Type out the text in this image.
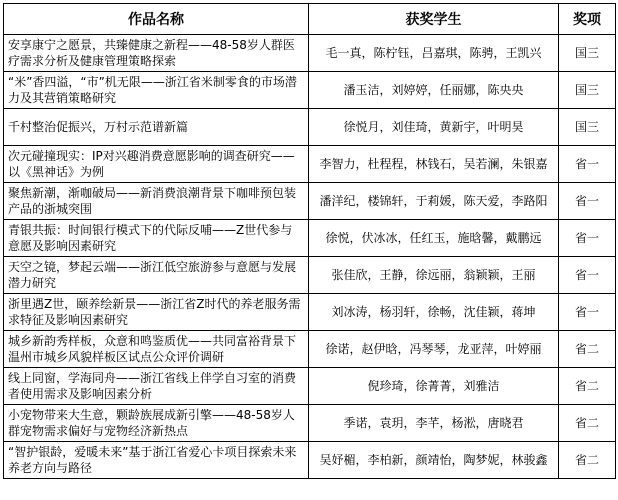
作品名称	获奖学生	奖项
安享康宁之愿景，共臻健康之新程——48-58岁人群医疗需求分析及健康管理策略探索	毛一真，陈柠钰，吕嘉琪，陈骋，王凯兴	国三
“米”香四溢，“市”机无限——浙江省米制零食的市场潜力及其营销策略研究	潘玉洁，刘婷婷，任丽娜，陈央央	国三
千村整治促振兴，万村示范谱新篇	徐悦月，刘佳琦，黄新宇，叶明昊	国三
次元碰撞现实：IP对兴趣消费意愿影响的调查研究——以《黑神话》为例	李智力，杜程程，林钱石，吴若澜，朱银嘉	省一
聚焦新潮，渐咖破局——新消费浪潮背景下咖啡预包装产品的浙城突围	潘洋纪，楼锦轩，于莉媛，陈天爱，李路阳	省一
青银共振：时间银行模式下的代际反哺——Z世代参与意愿及影响因素研究	徐悦，伏冰冰，任红玉，施晗馨，戴鹏远	省一
天空之镜，梦起云端——浙江低空旅游参与意愿与发展潜力研究	张佳欣，王静，徐远丽，翁颖颖，王丽	省一
浙里遇Z世，颐养绘新景——浙江省Z时代的养老服务需求特征及影响因素研究	刘冰涛，杨羽轩，徐畅，沈佳颖，蒋坤	省一
城乡新韵秀样板，众意和鸣鉴质优——共同富裕背景下温州市城乡风貌样板区试点公众评价调研	徐诺，赵伊晗，冯琴琴，龙亚萍，叶婷丽	省二
线上同窗，学海同舟——浙江省线上伴学自习室的消费者使用需求及影响因素分析	倪珍琦，徐菁菁，刘雅洁	省二
小宠物带来大生意，颗龄族展成新引擎——48-58岁人群宠物需求偏好与宠物经济新热点	季诺，袁玥，李芊，杨淞，唐晓君	省二
“智护银龄，爱暖未来”基于浙江省爱心卡项目探索未来养老方向与路径	吴妤楣，李柏新，颜靖怡，陶梦妮，林骏鑫	省二
